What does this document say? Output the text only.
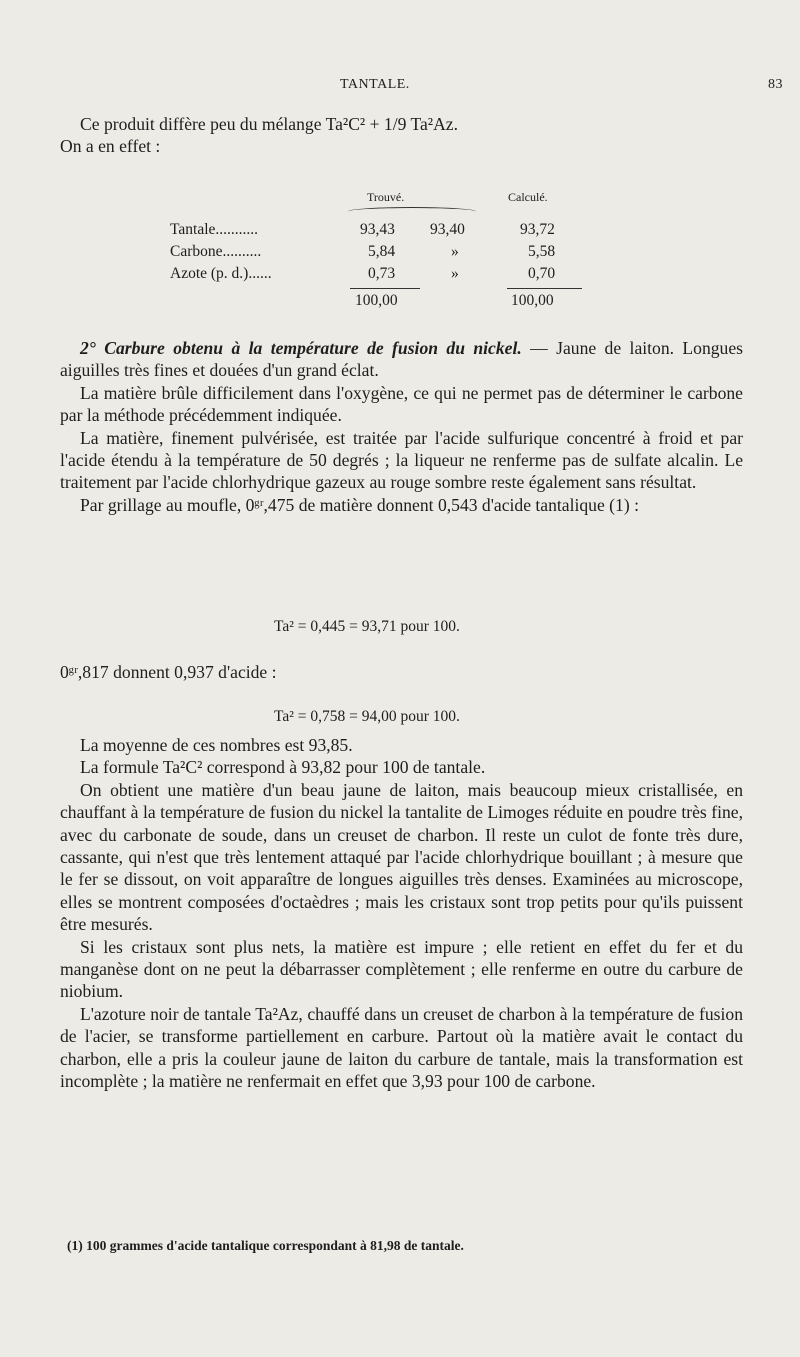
TANTALE.	83

Ce produit diffère peu du mélange Ta²C² + 1/9 Ta²Az.

On a en effet :

Trouvé.	Calculé.
Tantale...........	93,43 93,40	93,72
Carbone..........	5,84	»	5,58
Azote (p. d.)......	0,73	»	0,70
100,00	100,00

2° Carbure obtenu à la température de fusion du nickel. — Jaune de laiton. Longues aiguilles très fines et douées d'un grand éclat.

La matière brûle difficilement dans l'oxygène, ce qui ne permet pas de déterminer le carbone par la méthode précédemment indiquée.

La matière, finement pulvérisée, est traitée par l'acide sulfurique concentré à froid et par l'acide étendu à la température de 50 degrés ; la liqueur ne renferme pas de sulfate alcalin. Le traitement par l'acide chlorhydrique gazeux au rouge sombre reste également sans résultat.

Par grillage au moufle, 0ᵍʳ,475 de matière donnent 0,543 d'acide tantalique (1) :

Ta² = 0,445 = 93,71 pour 100.
0ᵍʳ,817 donnent 0,937 d'acide :
Ta² = 0,758 = 94,00 pour 100.

La moyenne de ces nombres est 93,85.

La formule Ta²C² correspond à 93,82 pour 100 de tantale.

On obtient une matière d'un beau jaune de laiton, mais beaucoup mieux cristallisée, en chauffant à la température de fusion du nickel la tantalite de Limoges réduite en poudre très fine, avec du carbonate de soude, dans un creuset de charbon. Il reste un culot de fonte très dure, cassante, qui n'est que très lentement attaqué par l'acide chlorhydrique bouillant ; à mesure que le fer se dissout, on voit apparaître de longues aiguilles très denses. Examinées au microscope, elles se montrent composées d'octaèdres ; mais les cristaux sont trop petits pour qu'ils puissent être mesurés.

Si les cristaux sont plus nets, la matière est impure ; elle retient en effet du fer et du manganèse dont on ne peut la débarrasser complètement ; elle renferme en outre du carbure de niobium.

L'azoture noir de tantale Ta²Az, chauffé dans un creuset de charbon à la température de fusion de l'acier, se transforme partiellement en carbure. Partout où la matière avait le contact du charbon, elle a pris la couleur jaune de laiton du carbure de tantale, mais la transformation est incomplète ; la matière ne renfermait en effet que 3,93 pour 100 de carbone.

(1) 100 grammes d'acide tantalique correspondant à 81,98 de tantale.
